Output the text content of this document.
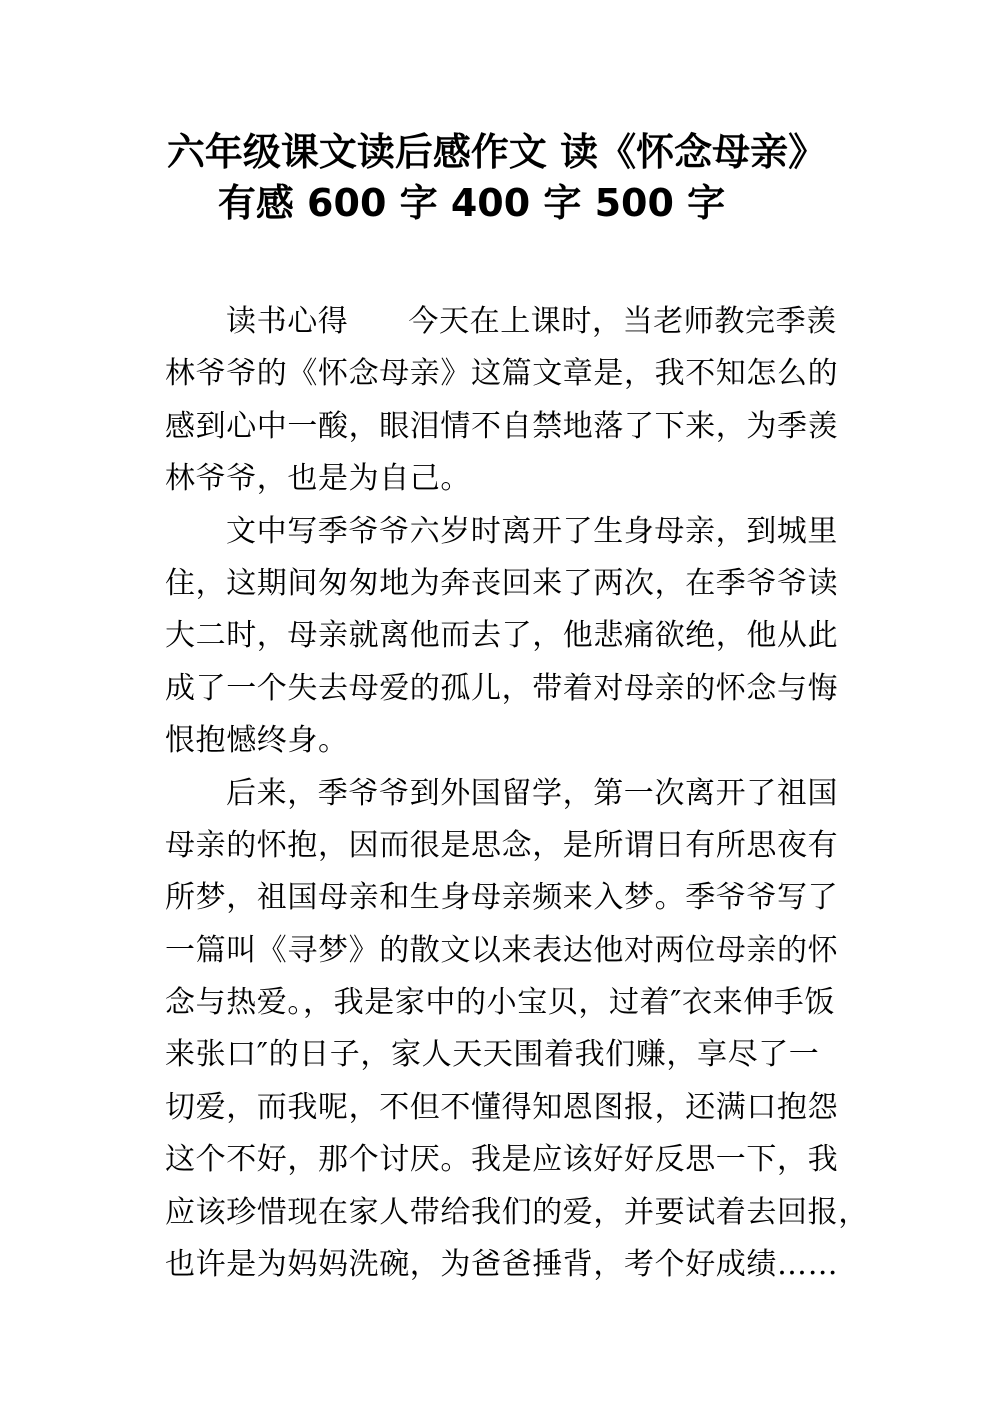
六年级课文读后感作文 读《怀念母亲》
有感 600 字 400 字 500 字
读书心得 今天在上课时，当老师教完季羡
林爷爷的《怀念母亲》这篇文章是，我不知怎么的
感到心中一酸，眼泪情不自禁地落了下来，为季羡
林爷爷，也是为自己。
文中写季爷爷六岁时离开了生身母亲，到城里
住，这期间匆匆地为奔丧回来了两次，在季爷爷读
大二时，母亲就离他而去了，他悲痛欲绝，他从此
成了一个失去母爱的孤儿，带着对母亲的怀念与悔
恨抱憾终身。
后来，季爷爷到外国留学，第一次离开了祖国
母亲的怀抱，因而很是思念，是所谓日有所思夜有
所梦，祖国母亲和生身母亲频来入梦。季爷爷写了
一篇叫《寻梦》的散文以来表达他对两位母亲的怀
念与热爱。，我是家中的小宝贝，过着″衣来伸手饭
来张口″的日子，家人天天围着我们赚，享尽了一
切爱，而我呢，不但不懂得知恩图报，还满口抱怨
这个不好，那个讨厌。我是应该好好反思一下，我
应该珍惜现在家人带给我们的爱，并要试着去回报，
也许是为妈妈洗碗，为爸爸捶背，考个好成绩……
